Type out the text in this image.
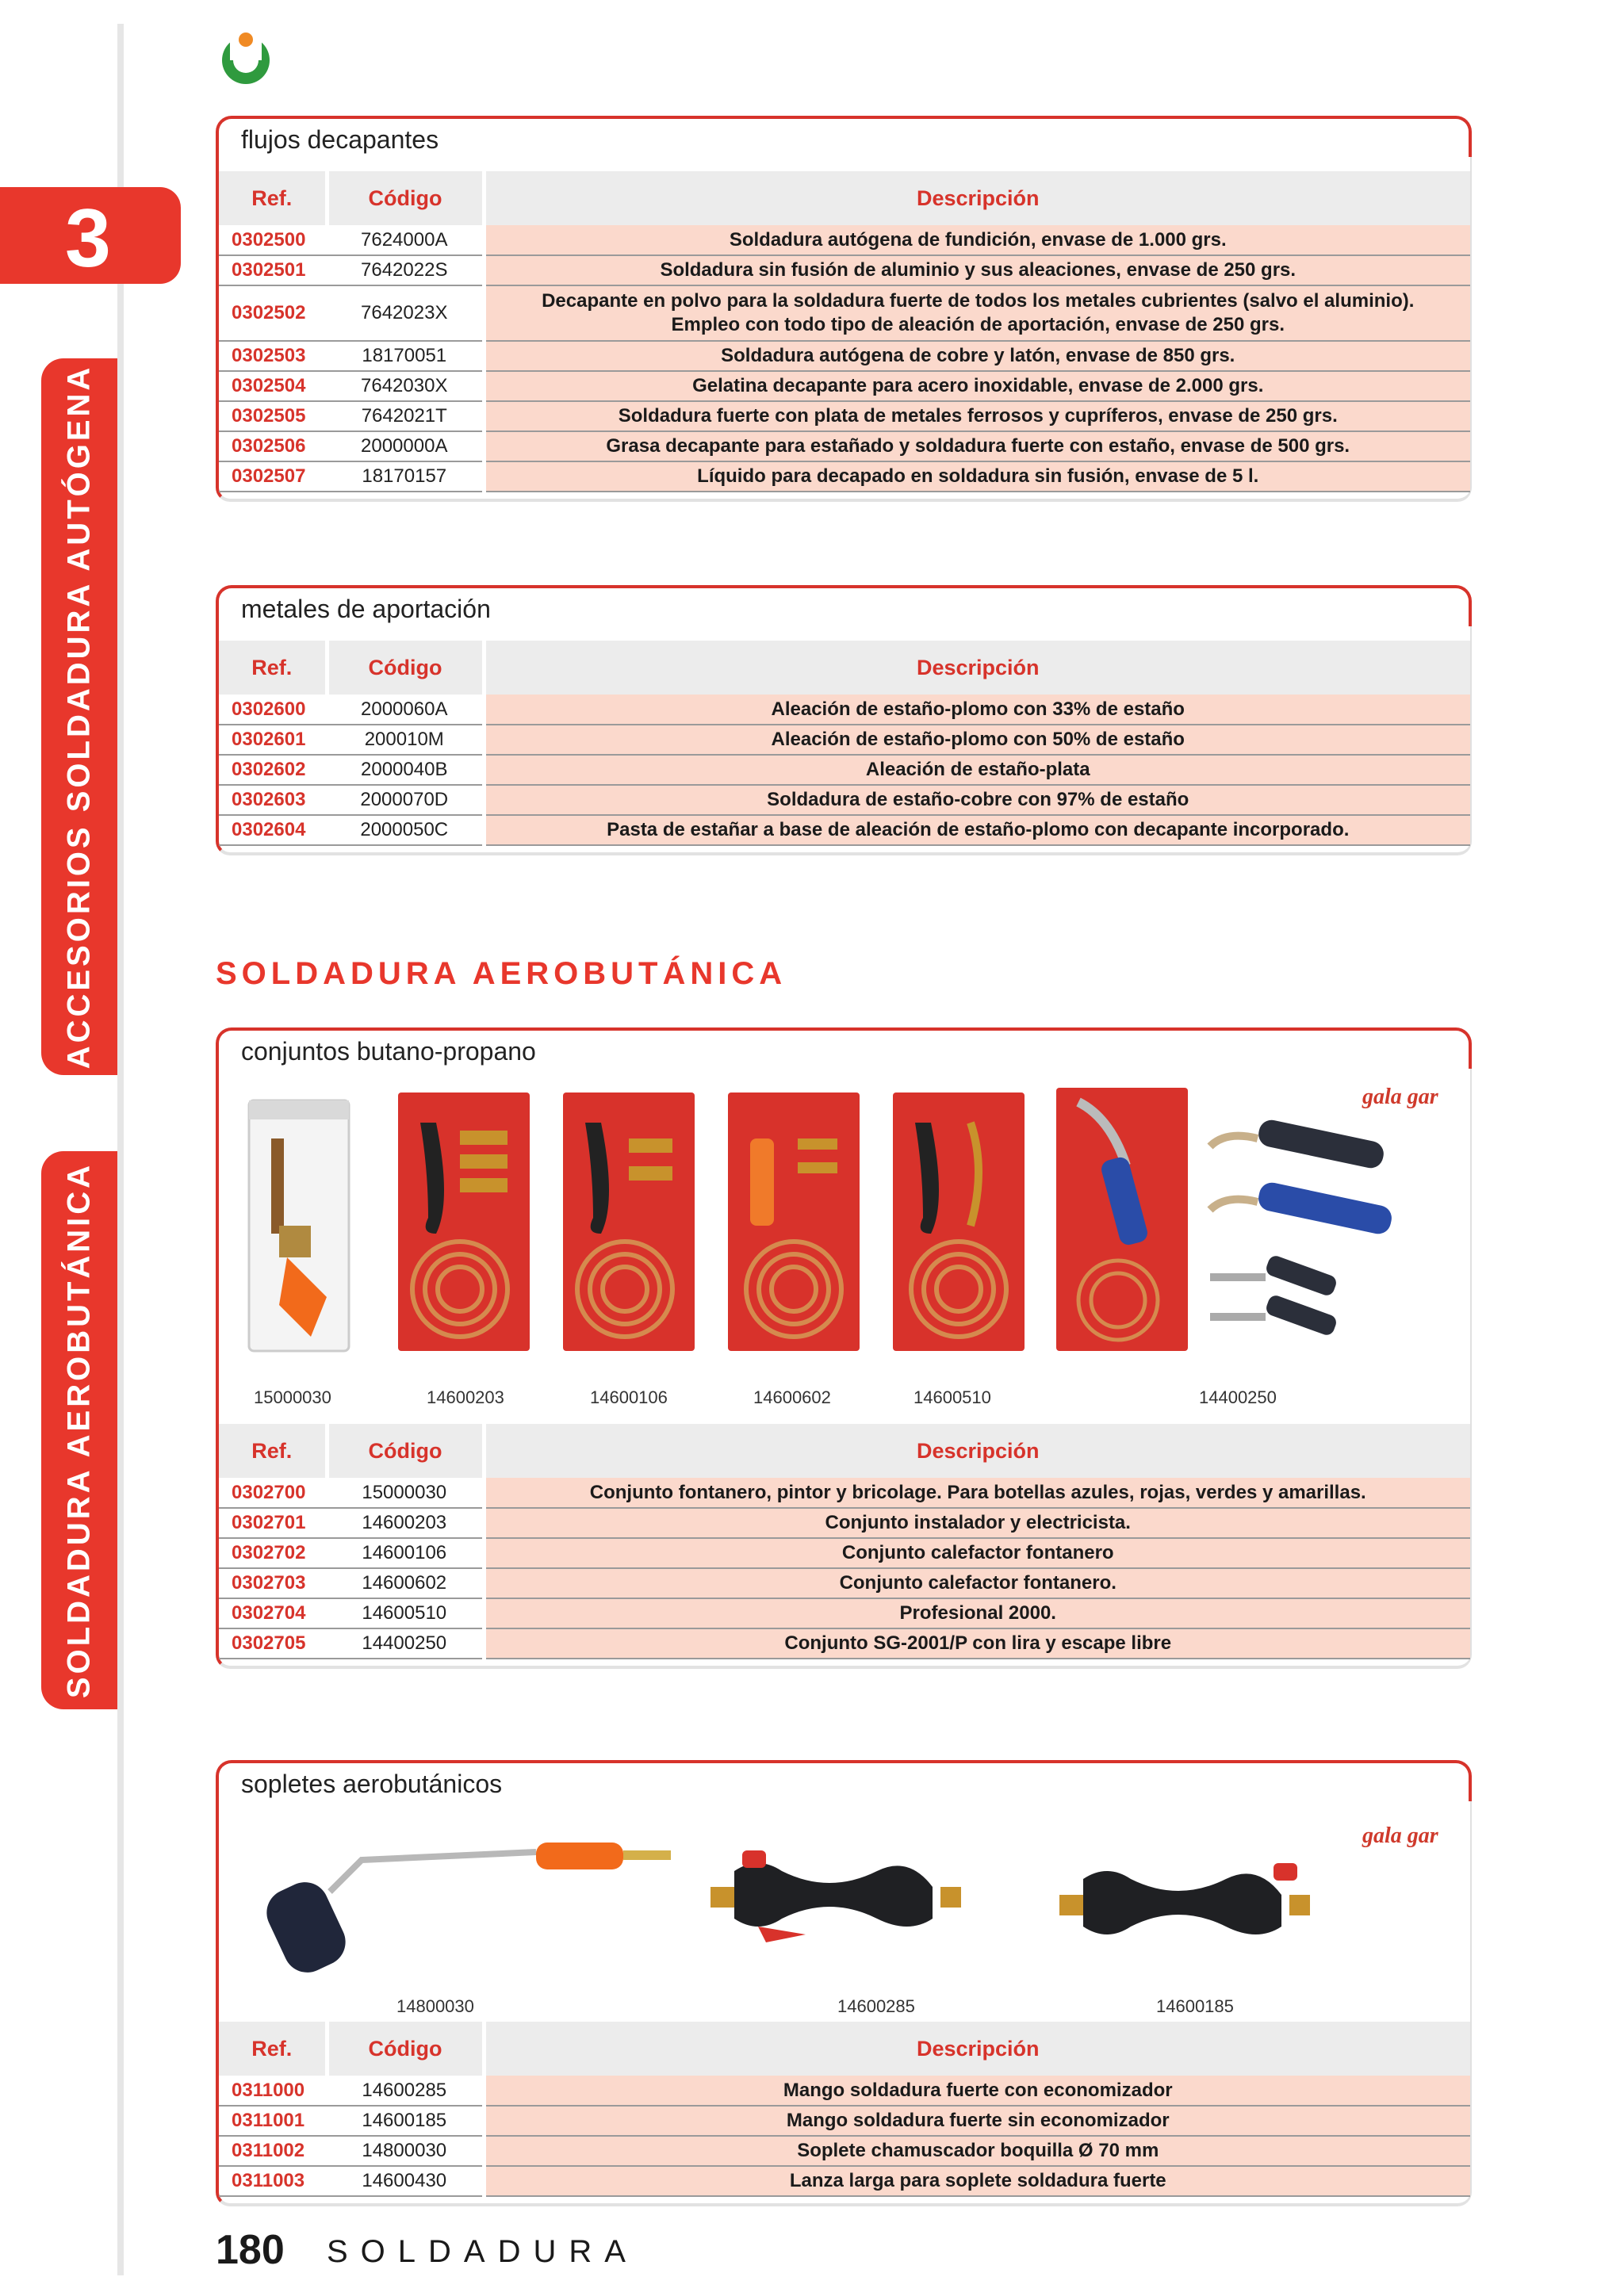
3
ACCESORIOS SOLDADURA AUTÓGENA
SOLDADURA AEROBUTÁNICA
flujos decapantes
Ref.	Código	Descripción
0302500	7624000A	Soldadura autógena de fundición, envase de 1.000 grs.
0302501	7642022S	Soldadura sin fusión de aluminio y sus aleaciones, envase de 250 grs.
0302502	7642023X	Decapante en polvo para la soldadura fuerte de todos los metales cubrientes (salvo el aluminio).
Empleo con todo tipo de aleación de aportación, envase de 250 grs.

0302503	18170051	Soldadura autógena de cobre y latón, envase de 850 grs.
0302504	7642030X	Gelatina decapante para acero inoxidable, envase de 2.000 grs.
0302505	7642021T	Soldadura fuerte con plata de metales ferrosos y cupríferos, envase de 250 grs.
0302506	2000000A	Grasa decapante para estañado y soldadura fuerte con estaño, envase de 500 grs.
0302507	18170157	Líquido para decapado en soldadura sin fusión, envase de 5 l.
metales de aportación
Ref.	Código	Descripción
0302600	2000060A	Aleación de estaño-plomo con 33% de estaño
0302601	200010M	Aleación de estaño-plomo con 50% de estaño
0302602	2000040B	Aleación de estaño-plata
0302603	2000070D	Soldadura de estaño-cobre con 97% de estaño
0302604	2000050C	Pasta de estañar a base de aleación de estaño-plomo con decapante incorporado.
SOLDADURA AEROBUTÁNICA
conjuntos butano-propano
gala gar
15000030	14600203	14600106	14600602	14600510	14400250
Ref.	Código	Descripción
0302700	15000030	Conjunto fontanero, pintor y bricolage. Para botellas azules, rojas, verdes y amarillas.
0302701	14600203	Conjunto instalador y electricista.
0302702	14600106	Conjunto calefactor fontanero
0302703	14600602	Conjunto calefactor fontanero.
0302704	14600510	Profesional 2000.
0302705	14400250	Conjunto SG-2001/P con lira y escape libre
sopletes aerobutánicos
gala gar
14800030	14600285	14600185
Ref.	Código	Descripción
0311000	14600285	Mango soldadura fuerte con economizador
0311001	14600185	Mango soldadura fuerte sin economizador
0311002	14800030	Soplete chamuscador boquilla Ø 70 mm
0311003	14600430	Lanza larga para soplete soldadura fuerte
180 SOLDADURA
